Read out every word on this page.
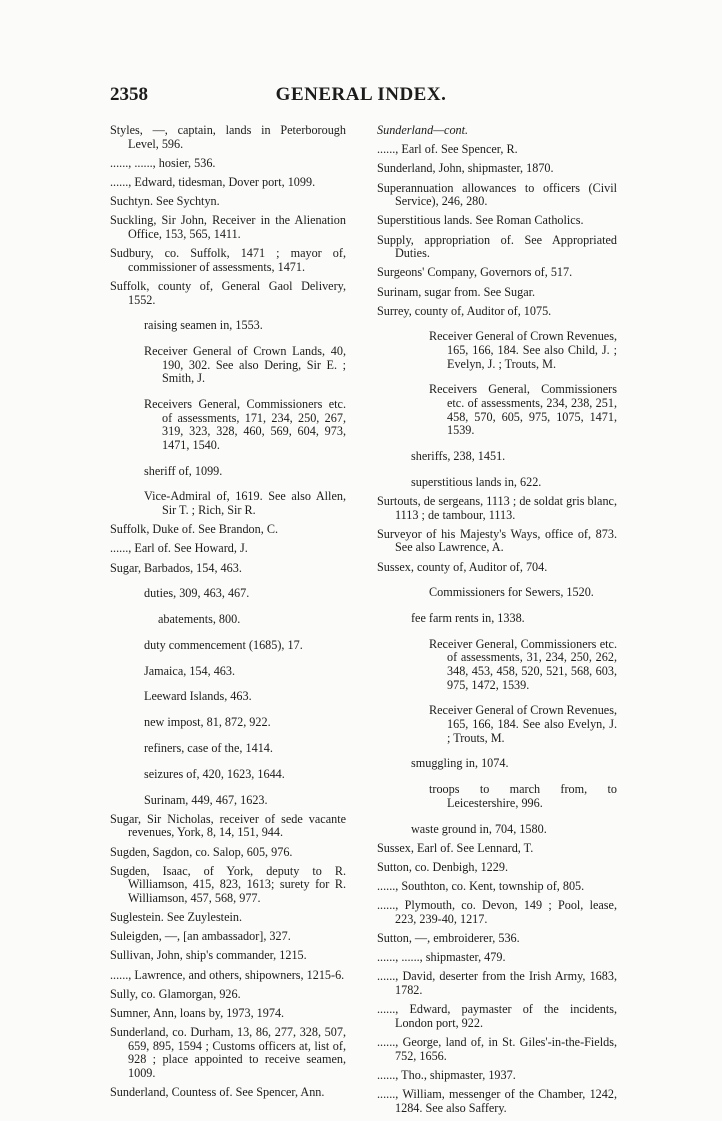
2358	GENERAL INDEX.

Styles, —, captain, lands in Peterborough Level, 596.

......, ......, hosier, 536.

......, Edward, tidesman, Dover port, 1099.

Suchtyn. See Sychtyn.

Suckling, Sir John, Receiver in the Alienation Office, 153, 565, 1411.

Sudbury, co. Suffolk, 1471 ; mayor of, commissioner of assessments, 1471.

Suffolk, county of, General Gaol Delivery, 1552.

raising seamen in, 1553.

Receiver General of Crown Lands, 40, 190, 302. See also Dering, Sir E. ; Smith, J.

Receivers General, Commissioners etc. of assessments, 171, 234, 250, 267, 319, 323, 328, 460, 569, 604, 973, 1471, 1540.

sheriff of, 1099.

Vice-Admiral of, 1619. See also Allen, Sir T. ; Rich, Sir R.

Suffolk, Duke of. See Brandon, C.

......, Earl of. See Howard, J.

Sugar, Barbados, 154, 463.

duties, 309, 463, 467.

abatements, 800.

duty commencement (1685), 17.

Jamaica, 154, 463.

Leeward Islands, 463.

new impost, 81, 872, 922.

refiners, case of the, 1414.

seizures of, 420, 1623, 1644.

Surinam, 449, 467, 1623.

Sugar, Sir Nicholas, receiver of sede vacante revenues, York, 8, 14, 151, 944.

Sugden, Sagdon, co. Salop, 605, 976.

Sugden, Isaac, of York, deputy to R. Williamson, 415, 823, 1613; surety for R. Williamson, 457, 568, 977.

Suglestein. See Zuylestein.

Suleigden, —, [an ambassador], 327.

Sullivan, John, ship's commander, 1215.

......, Lawrence, and others, shipowners, 1215-6.

Sully, co. Glamorgan, 926.

Sumner, Ann, loans by, 1973, 1974.

Sunderland, co. Durham, 13, 86, 277, 328, 507, 659, 895, 1594 ; Customs officers at, list of, 928 ; place appointed to receive seamen, 1009.

Sunderland, Countess of. See Spencer, Ann.

Sunderland—cont.

......, Earl of. See Spencer, R.

Sunderland, John, shipmaster, 1870.

Superannuation allowances to officers (Civil Service), 246, 280.

Superstitious lands. See Roman Catholics.

Supply, appropriation of. See Appropriated Duties.

Surgeons' Company, Governors of, 517.

Surinam, sugar from. See Sugar.

Surrey, county of, Auditor of, 1075.

Receiver General of Crown Revenues, 165, 166, 184. See also Child, J. ; Evelyn, J. ; Trouts, M.

Receivers General, Commissioners etc. of assessments, 234, 238, 251, 458, 570, 605, 975, 1075, 1471, 1539.

sheriffs, 238, 1451.

superstitious lands in, 622.

Surtouts, de sergeans, 1113 ; de soldat gris blanc, 1113 ; de tambour, 1113.

Surveyor of his Majesty's Ways, office of, 873. See also Lawrence, A.

Sussex, county of, Auditor of, 704.

Commissioners for Sewers, 1520.

fee farm rents in, 1338.

Receiver General, Commissioners etc. of assessments, 31, 234, 250, 262, 348, 453, 458, 520, 521, 568, 603, 975, 1472, 1539.

Receiver General of Crown Revenues, 165, 166, 184. See also Evelyn, J. ; Trouts, M.

smuggling in, 1074.

troops to march from, to Leicestershire, 996.

waste ground in, 704, 1580.

Sussex, Earl of. See Lennard, T.

Sutton, co. Denbigh, 1229.

......, Southton, co. Kent, township of, 805.

......, Plymouth, co. Devon, 149 ; Pool, lease, 223, 239-40, 1217.

Sutton, —, embroiderer, 536.

......, ......, shipmaster, 479.

......, David, deserter from the Irish Army, 1683, 1782.

......, Edward, paymaster of the incidents, London port, 922.

......, George, land of, in St. Giles'-in-the-Fields, 752, 1656.

......, Tho., shipmaster, 1937.

......, William, messenger of the Chamber, 1242, 1284. See also Saffery.
